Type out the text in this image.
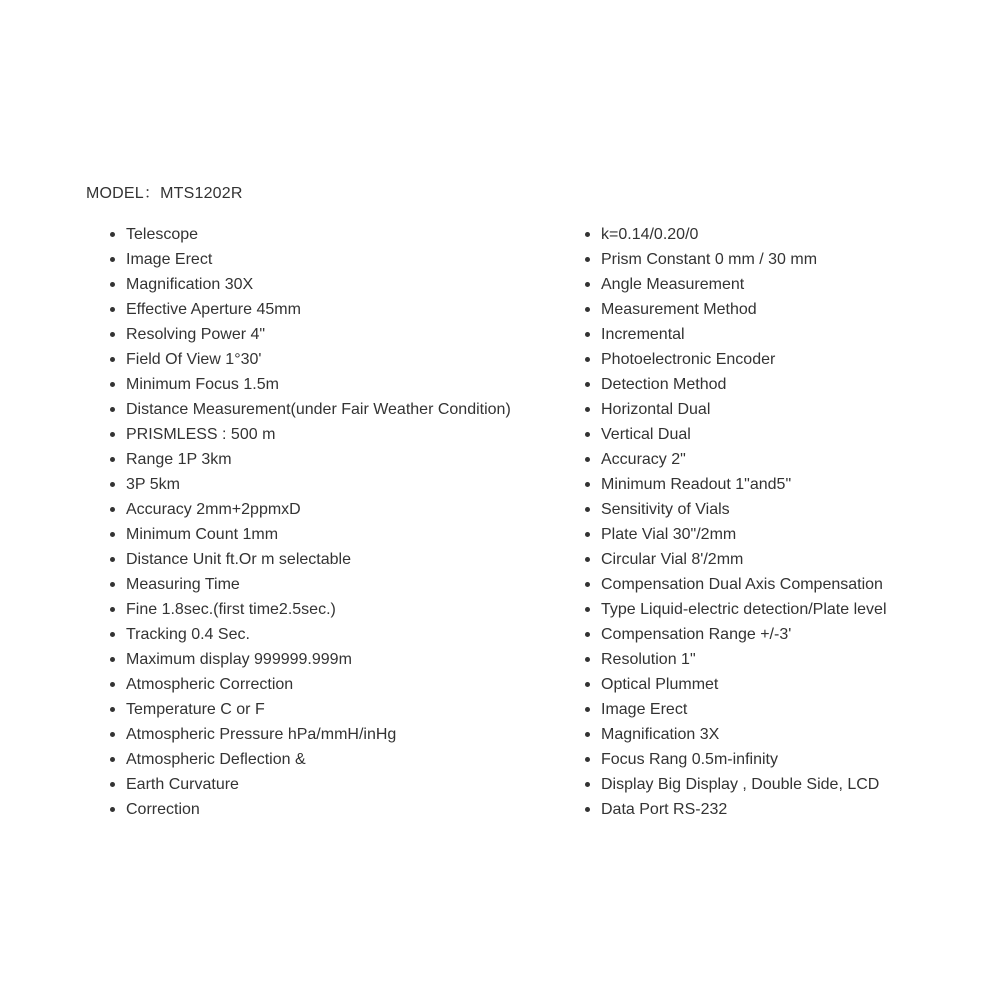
MODEL：MTS1202R
Telescope
Image Erect
Magnification 30X
Effective Aperture 45mm
Resolving Power 4"
Field Of View 1°30'
Minimum Focus 1.5m
Distance Measurement(under Fair Weather Condition)
PRISMLESS : 500 m
Range 1P 3km
3P 5km
Accuracy 2mm+2ppmxD
Minimum Count 1mm
Distance Unit ft.Or m selectable
Measuring Time
Fine 1.8sec.(first time2.5sec.)
Tracking 0.4 Sec.
Maximum display 999999.999m
Atmospheric Correction
Temperature C or F
Atmospheric Pressure hPa/mmH/inHg
Atmospheric Deflection &
Earth Curvature
Correction
k=0.14/0.20/0
Prism Constant 0 mm / 30 mm
Angle Measurement
Measurement Method
Incremental
Photoelectronic Encoder
Detection Method
Horizontal Dual
Vertical Dual
Accuracy 2"
Minimum Readout 1"and5"
Sensitivity of Vials
Plate Vial 30"/2mm
Circular Vial 8'/2mm
Compensation Dual Axis Compensation
Type Liquid-electric detection/Plate level
Compensation Range +/-3'
Resolution 1"
Optical Plummet
Image Erect
Magnification 3X
Focus Rang 0.5m-infinity
Display Big Display , Double Side, LCD
Data Port RS-232
